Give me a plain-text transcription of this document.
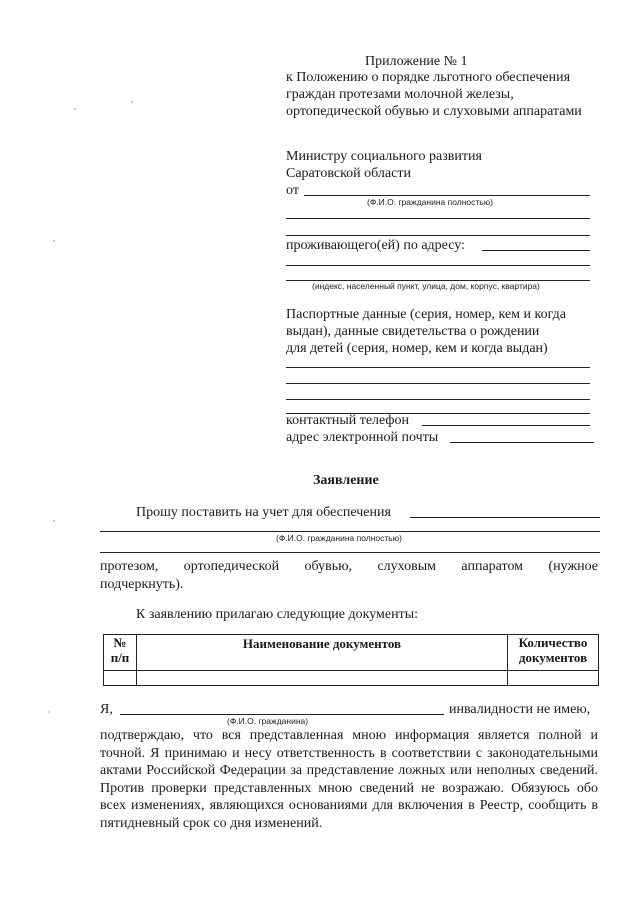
Приложение № 1
к Положению о порядке льготного обеспечения
граждан протезами молочной железы,
ортопедической обувью и слуховыми аппаратами
Министру социального развития
Саратовской области
от
(Ф.И.О. гражданина полностью)
проживающего(ей) по адресу:
(индекс, населенный пункт, улица, дом, корпус, квартира)
Паспортные данные (серия, номер, кем и когда
выдан), данные свидетельства о рождении
для детей (серия, номер, кем и когда выдан)
контактный телефон
адрес электронной почты
Заявление
Прошу поставить на учет для обеспечения
(Ф.И.О. гражданина полностью)
протезом, ортопедической обувью, слуховым аппаратом (нужное
подчеркнуть).
К заявлению прилагаю следующие документы:
№
п/п	Наименование документов	Количество
документов

Я,	инвалидности не имею,
(Ф.И.О. гражданина)
подтверждаю, что вся представленная мною информация является полной и точной. Я принимаю и несу ответственность в соответствии с законодательными актами Российской Федерации за представление ложных или неполных сведений. Против проверки представленных мною сведений не возражаю. Обязуюсь обо всех изменениях, являющихся основаниями для включения в Реестр, сообщить в пятидневный срок со дня изменений.
